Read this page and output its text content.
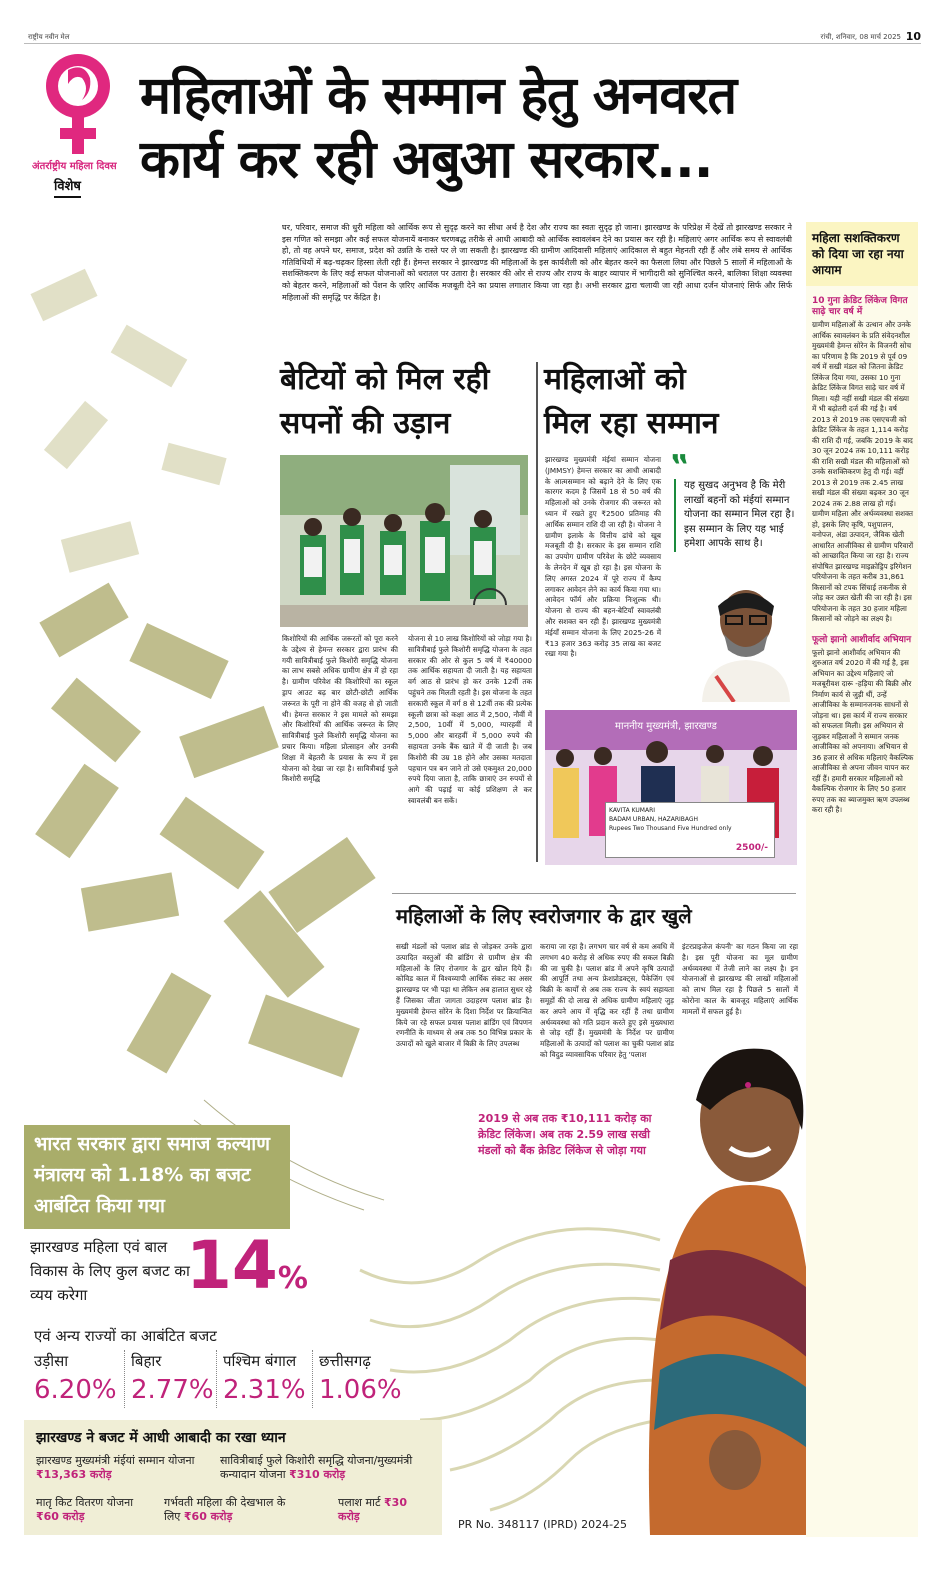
राष्ट्रीय नवीन मेल	रांची, शनिवार, 08 मार्च 2025 10
अंतर्राष्ट्रीय महिला दिवस
विशेष
महिलाओं के सम्मान हेतु अनवरत
कार्य कर रही अबुआ सरकार...
घर, परिवार, समाज की धुरी महिला को आर्थिक रूप से सुदृढ़ करने का सीधा अर्थ है देश और राज्य का स्वतः सुदृढ़ हो जाना। झारखण्ड के परिप्रेक्ष में देखें तो झारखण्ड सरकार ने इस गणित को समझा और कई सफल योजनायें बनाकर चरणबद्ध तरीके से आधी आबादी को आर्थिक स्वावलंबन देने का प्रयास कर रही है। महिलाएं अगर आर्थिक रूप से स्वावलंबी हो, तो वह अपने घर, समाज, प्रदेश को उन्नति के रास्ते पर ले जा सकती है। झारखण्ड की ग्रामीण आदिवासी महिलाएं आदिकाल से बहुत मेहनती रही हैं और लंबे समय से आर्थिक गतिविधियों में बढ़-चढ़कर हिस्सा लेती रही हैं। हेमन्त सरकार ने झारखण्ड की महिलाओं के इस कार्यशैली को और बेहतर करने का फैसला लिया और पिछले 5 सालों में महिलाओं के सशक्तिकरण के लिए कई सफल योजनाओं को धरातल पर उतारा है। सरकार की ओर से राज्य और राज्य के बाहर व्यापार में भागीदारी को सुनिश्चित करने, बालिका शिक्षा व्यवस्था को बेहतर करने, महिलाओं को पेंशन के ज़रिए आर्थिक मजबूती देने का प्रयास लगातार किया जा रहा है। अभी सरकार द्वारा चलायी जा रही आधा दर्जन योजनाएं सिर्फ और सिर्फ महिलाओं की समृद्धि पर केंद्रित है।
बेटियों को मिल रही
सपनों की उड़ान
महिलाओं को
मिल रहा सम्मान
किशोरियों की आर्थिक जरूरतों को पूरा करने के उद्देश्य से हेमन्त सरकार द्वारा प्रारंभ की गयी सावित्रीबाई फुले किशोरी समृद्धि योजना का लाभ सबसे अधिक ग्रामीण क्षेत्र में हो रहा है। ग्रामीण परिवेश की किशोरियों का स्कूल ड्राप आउट बढ़ बार छोटी-छोटी आर्थिक जरूरत के पूरी ना होने की वजह से हो जाती थी। हेमन्त सरकार ने इस मामले को समझा और किशोरियों की आर्थिक जरूरत के लिए सावित्रीबाई फुले किशोरी समृद्धि योजना का प्रचार किया। महिला प्रोत्साहन और उनकी शिक्षा में बेहतरी के प्रयास के रूप में इस योजना को देखा जा रहा है। सावित्रीबाई फुले किशोरी समृद्धि
योजना से 10 लाख किशोरियों को जोड़ा गया है। सावित्रीबाई फुले किशोरी समृद्धि योजना के तहत सरकार की ओर से कुल 5 वर्ष में ₹40000 तक आर्थिक सहायता दी जाती है। यह सहायता वर्ग आठ से प्रारंभ हो कर उनके 12वीं तक पहुंचने तक मिलती रहती है। इस योजना के तहत सरकारी स्कूल में वर्ग 8 से 12वीं तक की प्रत्येक स्कूली छात्रा को कक्षा आठ में 2,500, नौवीं में 2,500, 10वीं में 5,000, ग्यारहवीं में 5,000 और बारहवीं में 5,000 रुपये की सहायता उनके बैंक खाते में दी जाती है। जब किशोरी की उम्र 18 होने और उसका मतदाता पहचान पत्र बन जाने तो उसे एकमुश्त 20,000 रुपये दिया जाता है, ताकि छात्राएं उन रुपयों से आगे की पढ़ाई या कोई प्रशिक्षण ले कर स्वावलंबी बन सकें।
झारखण्ड मुख्यमंत्री मंईयां सम्मान योजना (JMMSY) हेमन्त सरकार का आधी आबादी के आत्मसम्मान को बढ़ाने देने के लिए एक कारगर कदम है जिसमें 18 से 50 वर्ष की महिलाओं को उनके रोजगार की जरूरत को ध्यान में रखते हुए ₹2500 प्रतिमाह की आर्थिक सम्मान राशि दी जा रही है। योजना ने ग्रामीण इलाके के वित्तीय ढांचे को खूब मजबूती दी है। सरकार के इस सम्मान राशि का उपयोग ग्रामीण परिवेश के छोटे व्यवसाय के लेनदेन में खूब हो रहा है। इस योजना के लिए अगस्त 2024 में पूरे राज्य में कैम्प लगाकर आवेदन लेने का कार्य किया गया था। आवेदन फॉर्म और प्रक्रिया निःशुल्क थी। योजना से राज्य की बहन-बेटियाँ स्वावलंबी और सशक्त बन रही हैं। झारखण्ड मुख्यमंत्री मंईयाँ सम्मान योजना के लिए 2025-26 में ₹13 हजार 363 करोड़ 35 लाख का बजट रखा गया है।
‟
यह सुखद अनुभव है कि मेरी लाखों बहनों को मंईयां सम्मान योजना का सम्मान मिल रहा है। इस सम्मान के लिए यह भाई हमेशा आपके साथ है।
माननीय मुख्यमंत्री, झारखण्ड
KAVITA KUMARI
BADAM URBAN, HAZARIBAGH
Rupees Two Thousand Five Hundred only
2500/-
महिलाओं के लिए स्वरोजगार के द्वार खुले
सखी मंडलों को पलाश ब्रांड से जोड़कर उनके द्वारा उत्पादित वस्तुओं की ब्रांडिंग से ग्रामीण क्षेत्र की महिलाओं के लिए रोजगार के द्वार खोल दिये हैं। कोविड काल में विश्वव्यापी आर्थिक संकट का असर झारखण्ड पर भी पड़ा था लेकिन अब हालात सुधर रहे हैं जिसका जीता जागता उदाहरण पलाश ब्रांड है। मुख्यमंत्री हेमन्त सोरेन के दिशा निर्देश पर क्रियान्वित किये जा रहे सफल प्रयास पलाश ब्रांडिंग एवं विपणन रणनीति के माध्यम से अब तक 50 विभिन्न प्रकार के उत्पादों को खुले बाजार में बिक्री के लिए उपलब्ध
कराया जा रहा है। लगभग चार वर्ष से कम अवधि में लगभग 40 करोड़ से अधिक रुपए की सकल बिक्री की जा चुकी है। पलाश ब्रांड में अपने कृषि उत्पादों की आपूर्ति तथा अन्य फ्रेशप्रोडक्ट्स, पैकेजिंग एवं बिक्री के कार्यों से अब तक राज्य के स्वयं सहायता समूहों की दो लाख से अधिक ग्रामीण महिलाएं जुड़ कर अपने आय में वृद्धि कर रहीं हैं तथा ग्रामीण अर्थव्यवस्था को गति प्रदान करते हुए इसे मुख्यधारा से जोड़ रहीं हैं। मुख्यमंत्री के निर्देश पर ग्रामीण महिलाओं के उत्पादों को पलाश का चुकी पलाश ब्रांड को विदुड व्यावसायिक परिवार हेतु 'पलाश
इंटरप्राइजेज कंपनी' का गठन किया जा रहा है। इस पूरी योजना का मूल ग्रामीण अर्थव्यवस्था में तेजी लाने का लक्ष्य है। इन योजनाओं से झारखण्ड की लाखों महिलाओं को लाभ मिल रहा है पिछले 5 सालों में कोरोना काल के बावजूद महिलाएं आर्थिक मामलों में सफल हुई है।
2019 से अब तक ₹10,111 करोड़ का क्रेडिट लिंकेज। अब तक 2.59 लाख सखी मंडलों को बैंक क्रेडिट लिंकेज से जोड़ा गया
महिला सशक्तिकरण को दिया जा रहा नया आयाम
10 गुना क्रेडिट लिंकेज विगत साढ़े चार वर्ष में
ग्रामीण महिलाओं के उत्थान और उनके आर्थिक स्वावलंबन के प्रति संवेदनशील मुख्यमंत्री हेमन्त सोरेन के विजनरी सोच का परिणाम है कि 2019 से पूर्व 09 वर्ष में सखी मंडल को जितना क्रेडिट लिंकेज दिया गया, उसका 10 गुना क्रेडिट लिंकेज विगत साढ़े चार वर्ष में मिला। यही नहीं सखी मंडल की संख्या में भी बढ़ोतरी दर्ज की गई है। वर्ष 2013 से 2019 तक एसएचजी को क्रेडिट लिंकेज के तहत 1,114 करोड़ की राशि दी गई, जबकि 2019 के बाद 30 जून 2024 तक 10,111 करोड़ की राशि सखी मंडल की महिलाओं को उनके सशक्तिकरण हेतु दी गई। वहीं 2013 से 2019 तक 2.45 लाख सखी मंडल की संख्या बढ़कर 30 जून 2024 तक 2.88 लाख हो गई। ग्रामीण महिला और अर्थव्यवस्था सशक्त हो, इसके लिए कृषि, पशुपालन, वनोपज, अंडा उत्पादन, जैविक खेती आधारित आजीविका से ग्रामीण परिवारों को आच्छादित किया जा रहा है। राज्य संपोषित झारखण्ड माइक्रोड्रिप इरिगेशन परियोजना के तहत करीब 31,861 किसानों को टपक सिंचाई तकनीक से जोड़ कर उन्नत खेती की जा रही है। इस परियोजना के तहत 30 हजार महिला किसानों को जोड़ने का लक्ष्य है।
फूलो झानो आशीर्वाद अभियान
फूलो झानो आशीर्वाद अभियान की शुरुआत वर्ष 2020 में की गई है, इस अभियान का उद्देश्य महिलाएं जो मजबूरीवश दारू -हड़िया की बिक्री और निर्माण कार्य से जुड़ी थीं, उन्हें आजीविका के सम्मानजनक साधनों से जोड़ना था। इस कार्य में राज्य सरकार को सफलता मिली। इस अभियान से जुड़कर महिलाओं ने सम्मान जनक आजीविका को अपनाया। अभियान से 36 हजार से अधिक महिलाएं वैकल्पिक आजीविका से अपना जीवन यापन कर रहीं हैं। हमारी सरकार महिलाओं को वैकल्पिक रोजगार के लिए 50 हजार रुपए तक का ब्याजमुक्त ऋण उपलब्ध करा रही है।
भारत सरकार द्वारा समाज कल्याण मंत्रालय को 1.18% का बजट आबंटित किया गया
झारखण्ड महिला एवं बाल विकास के लिए कुल बजट का व्यय करेगा	14%
एवं अन्य राज्यों का आबंटित बजट
उड़ीसा
6.20%
बिहार
2.77%
पश्चिम बंगाल
2.31%
छत्तीसगढ़
1.06%
झारखण्ड ने बजट में आधी आबादी का रखा ध्यान
झारखण्ड मुख्यमंत्री मंईयां सम्मान योजना ₹13,363 करोड़
सावित्रीबाई फुले किशोरी समृद्धि योजना/मुख्यमंत्री कन्यादान योजना ₹310 करोड़
मातृ किट वितरण योजना ₹60 करोड़
गर्भवती महिला की देखभाल के लिए ₹60 करोड़
पलाश मार्ट ₹30 करोड़
PR No. 348117 (IPRD) 2024-25
